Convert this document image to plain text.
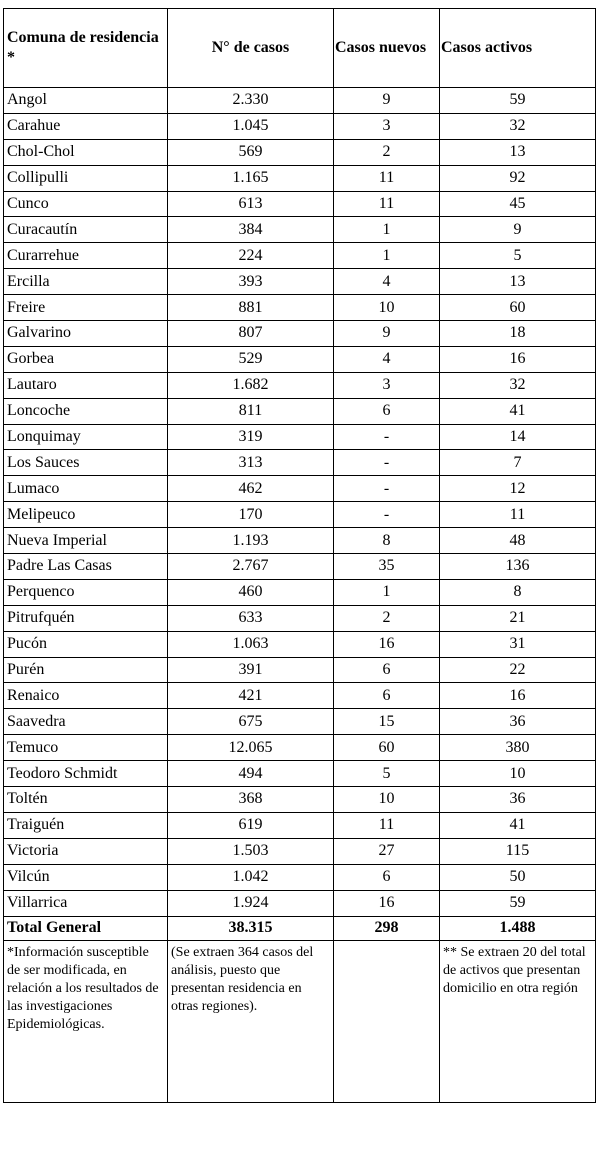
Comuna de residencia *	N° de casos	Casos nuevos	Casos activos
Angol	2.330	9	59
Carahue	1.045	3	32
Chol-Chol	569	2	13
Collipulli	1.165	11	92
Cunco	613	11	45
Curacautín	384	1	9
Curarrehue	224	1	5
Ercilla	393	4	13
Freire	881	10	60
Galvarino	807	9	18
Gorbea	529	4	16
Lautaro	1.682	3	32
Loncoche	811	6	41
Lonquimay	319	-	14
Los Sauces	313	-	7
Lumaco	462	-	12
Melipeuco	170	-	11
Nueva Imperial	1.193	8	48
Padre Las Casas	2.767	35	136
Perquenco	460	1	8
Pitrufquén	633	2	21
Pucón	1.063	16	31
Purén	391	6	22
Renaico	421	6	16
Saavedra	675	15	36
Temuco	12.065	60	380
Teodoro Schmidt	494	5	10
Toltén	368	10	36
Traiguén	619	11	41
Victoria	1.503	27	115
Vilcún	1.042	6	50
Villarrica	1.924	16	59
Total General	38.315	298	1.488
*Información susceptible de ser modificada, en relación a los resultados de las investigaciones Epidemiológicas.	(Se extraen 364 casos del análisis, puesto que presentan residencia en otras regiones).		** Se extraen 20 del total de activos que presentan domicilio en otra región
